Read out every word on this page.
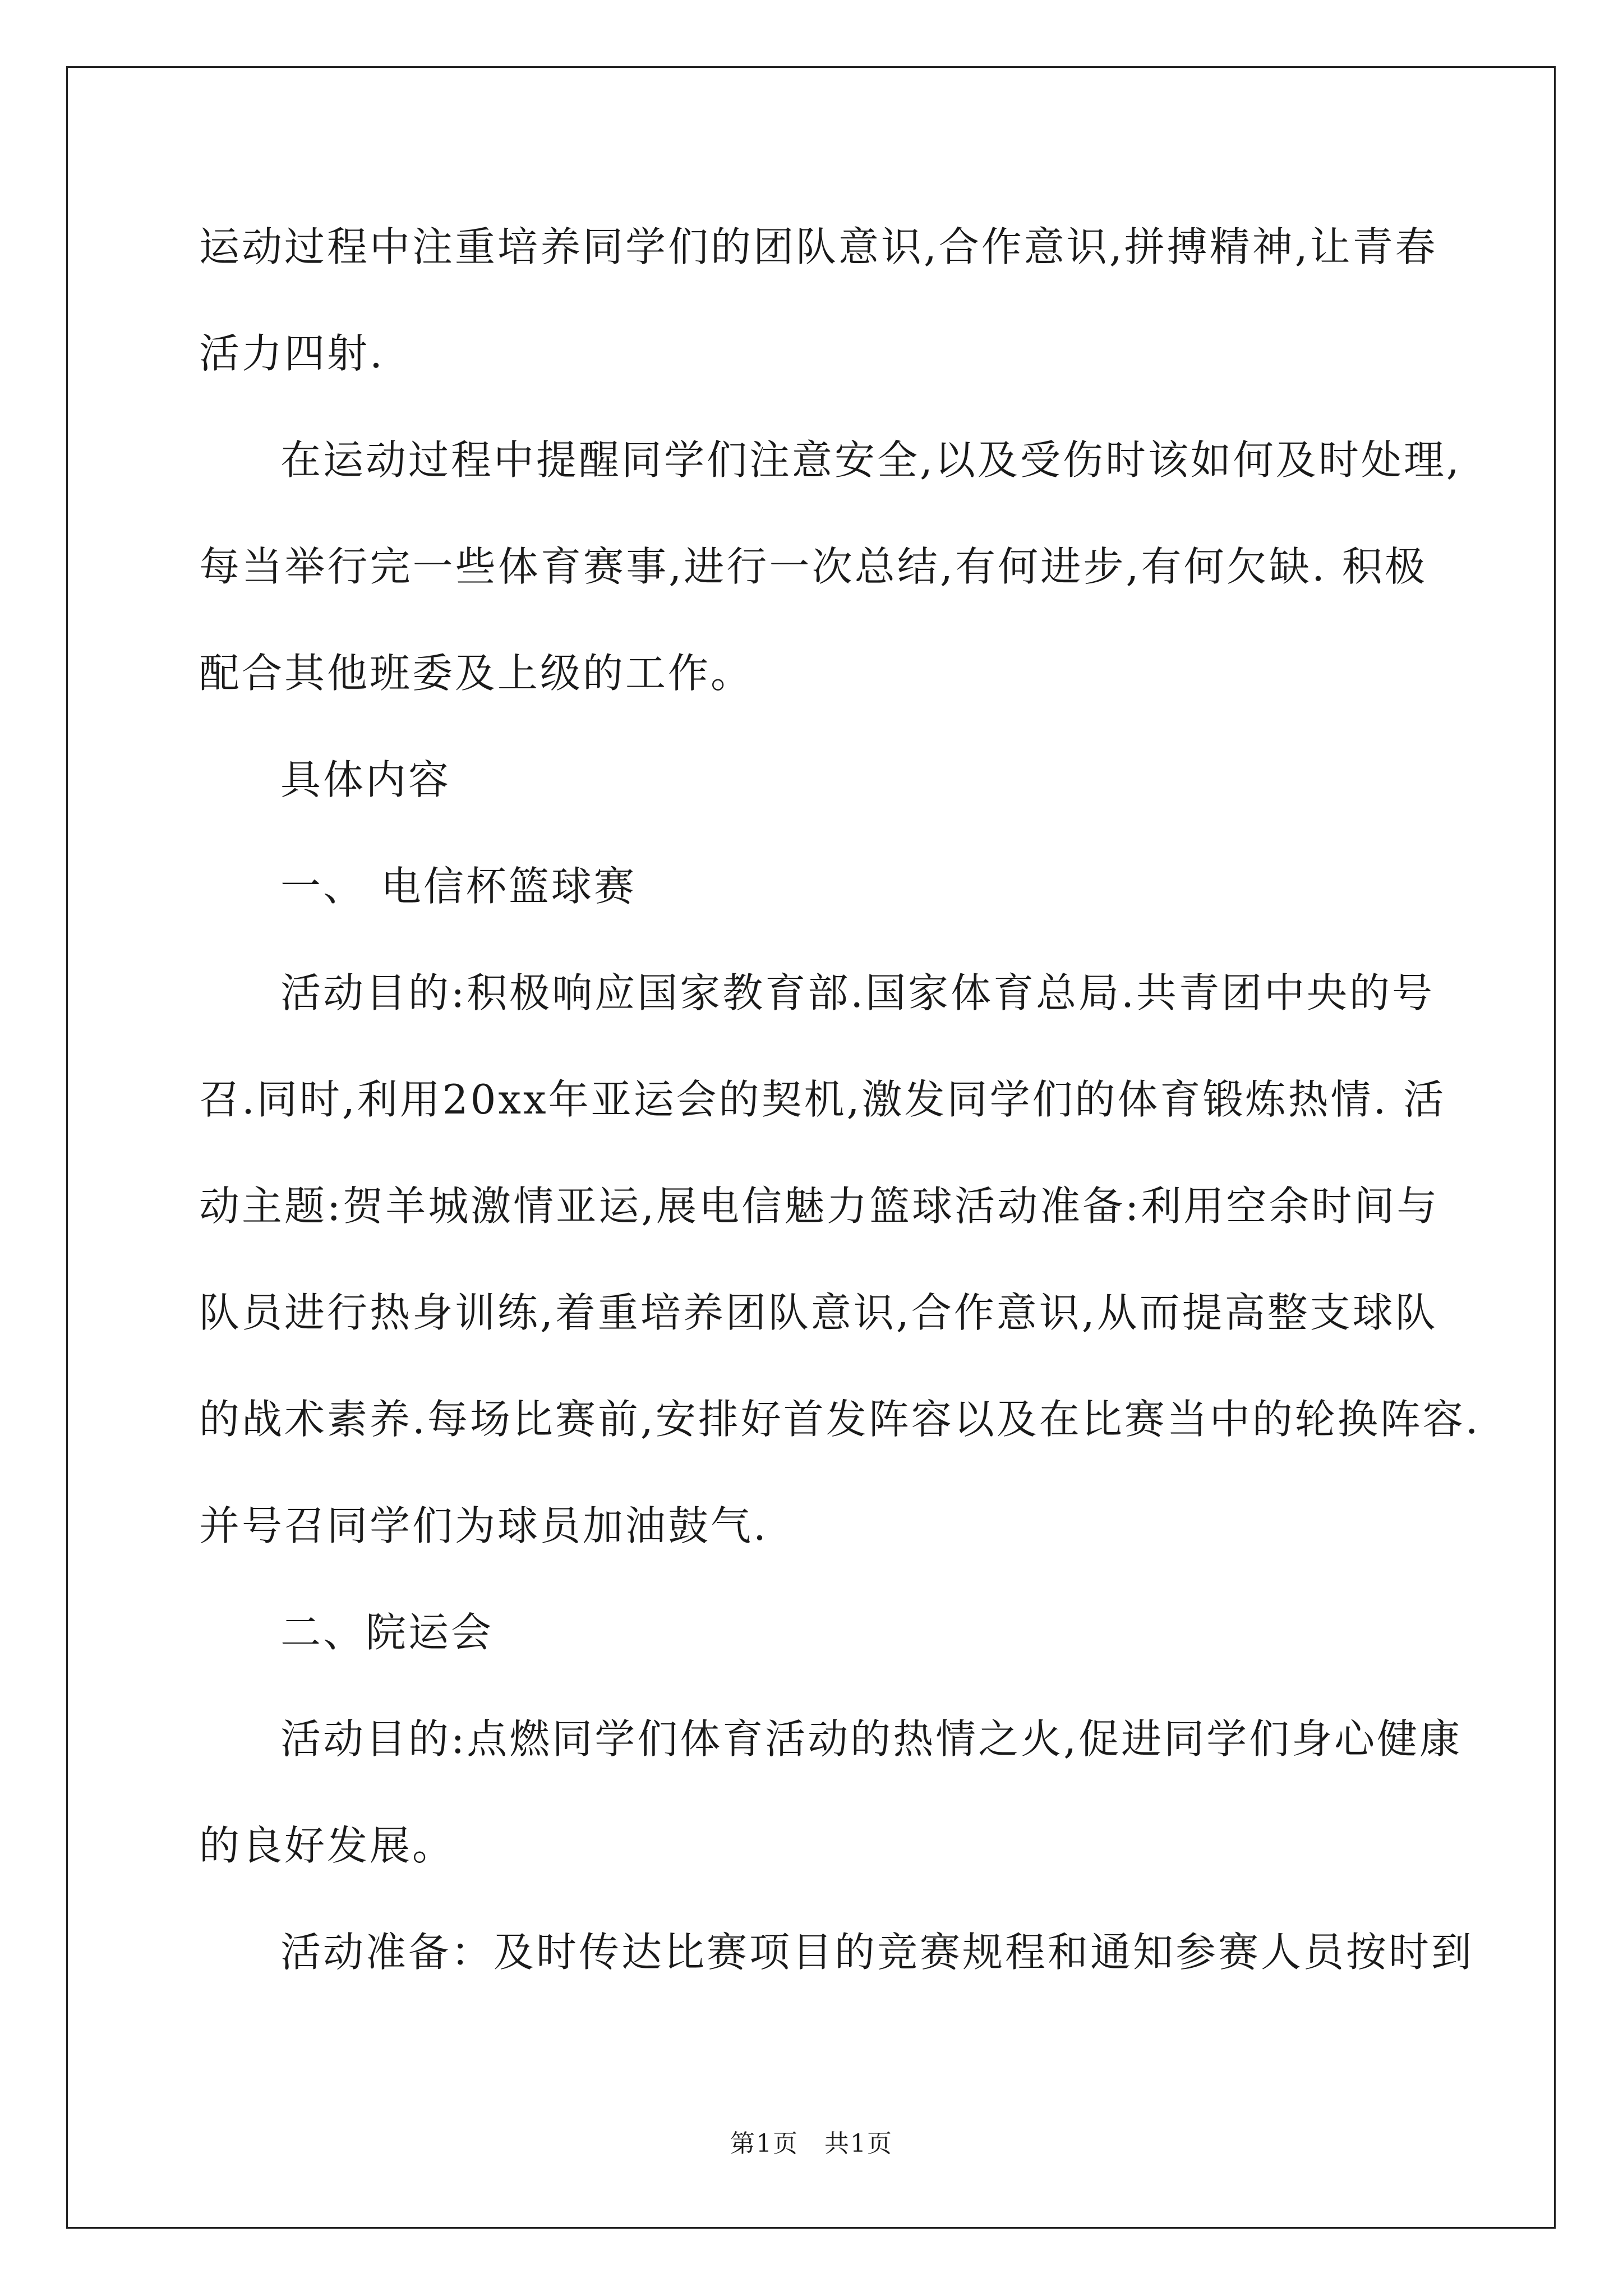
运动过程中注重培养同学们的团队意识,合作意识,拼搏精神,让青春
活力四射.
在运动过程中提醒同学们注意安全,以及受伤时该如何及时处理,
每当举行完一些体育赛事,进行一次总结,有何进步,有何欠缺. 积极
配合其他班委及上级的工作。
具体内容
一、 电信杯篮球赛
活动目的:积极响应国家教育部.国家体育总局.共青团中央的号
召.同时,利用20xx年亚运会的契机,激发同学们的体育锻炼热情. 活
动主题:贺羊城激情亚运,展电信魅力篮球活动准备:利用空余时间与
队员进行热身训练,着重培养团队意识,合作意识,从而提高整支球队
的战术素养.每场比赛前,安排好首发阵容以及在比赛当中的轮换阵容.
并号召同学们为球员加油鼓气.
二、院运会
活动目的:点燃同学们体育活动的热情之火,促进同学们身心健康
的良好发展。
活动准备：及时传达比赛项目的竞赛规程和通知参赛人员按时到
第1页　共1页
